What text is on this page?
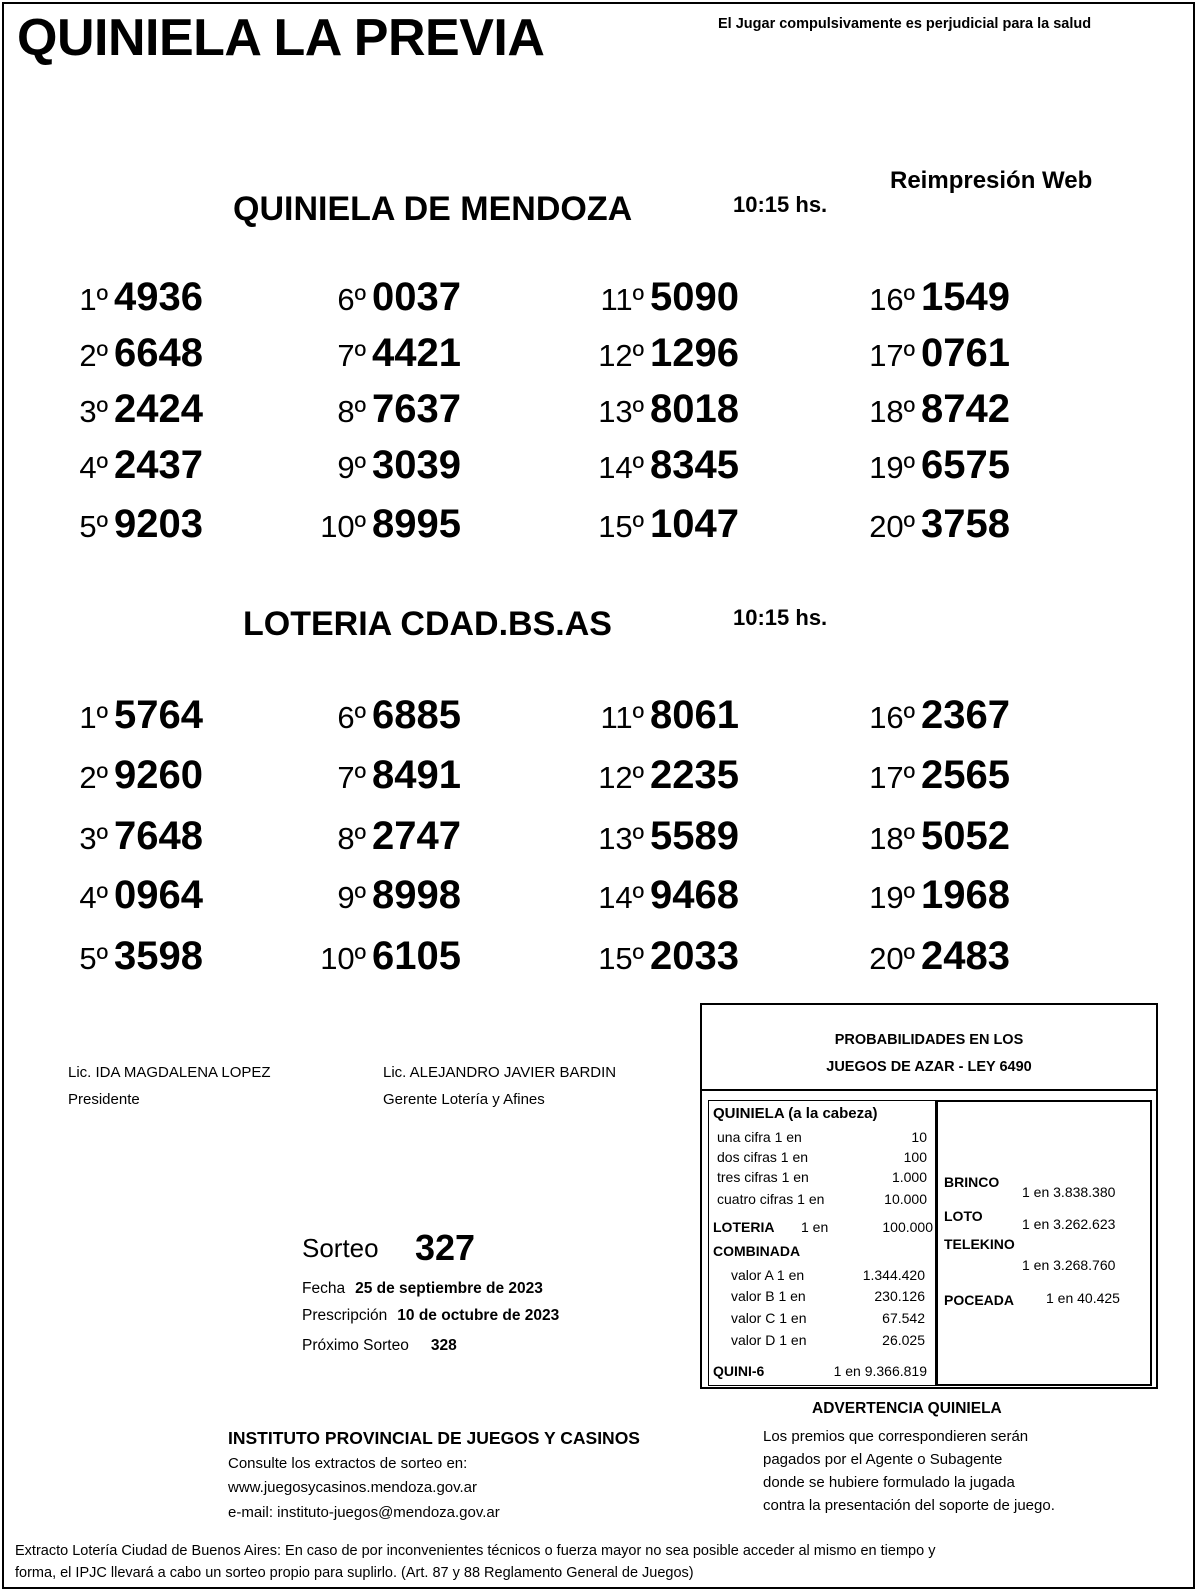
QUINIELA LA PREVIA	El Jugar compulsivamente es perjudicial para la salud
Reimpresión Web
QUINIELA DE MENDOZA	10:15 hs.
1º 4936
2º 6648
3º 2424
4º 2437
5º 9203
6º 0037
7º 4421
8º 7637
9º 3039
10º 8995
11º 5090
12º 1296
13º 8018
14º 8345
15º 1047
16º 1549
17º 0761
18º 8742
19º 6575
20º 3758
LOTERIA CDAD.BS.AS	10:15 hs.
1º 5764
2º 9260
3º 7648
4º 0964
5º 3598
6º 6885
7º 8491
8º 2747
9º 8998
10º 6105
11º 8061
12º 2235
13º 5589
14º 9468
15º 2033
16º 2367
17º 2565
18º 5052
19º 1968
20º 2483
Lic. IDA MAGDALENA LOPEZ
Presidente
Lic. ALEJANDRO JAVIER BARDIN
Gerente Lotería y Afines
Sorteo 327
Fecha 25 de septiembre de 2023
Prescripción 10 de octubre de 2023
Próximo Sorteo 328
PROBABILIDADES EN LOS
JUEGOS DE AZAR - LEY 6490
QUINIELA (a la cabeza)
una cifra 1 en	10
dos cifras 1 en	100
tres cifras 1 en	1.000
cuatro cifras 1 en	10.000
LOTERIA 1 en	100.000
COMBINADA
valor A 1 en	1.344.420
valor B 1 en	230.126
valor C 1 en	67.542
valor D 1 en	26.025
QUINI-6	1 en 9.366.819
BRINCO
1 en 3.838.380
LOTO	1 en 3.262.623
TELEKINO
1 en 3.268.760
POCEADA 1 en 40.425
ADVERTENCIA QUINIELA
Los premios que correspondieren serán
pagados por el Agente o Subagente
donde se hubiere formulado la jugada
contra la presentación del soporte de juego.
INSTITUTO PROVINCIAL DE JUEGOS Y CASINOS
Consulte los extractos de sorteo en:
www.juegosycasinos.mendoza.gov.ar
e-mail: instituto-juegos@mendoza.gov.ar
Extracto Lotería Ciudad de Buenos Aires: En caso de por inconvenientes técnicos o fuerza mayor no sea posible acceder al mismo en tiempo y
forma, el IPJC llevará a cabo un sorteo propio para suplirlo. (Art. 87 y 88 Reglamento General de Juegos)
